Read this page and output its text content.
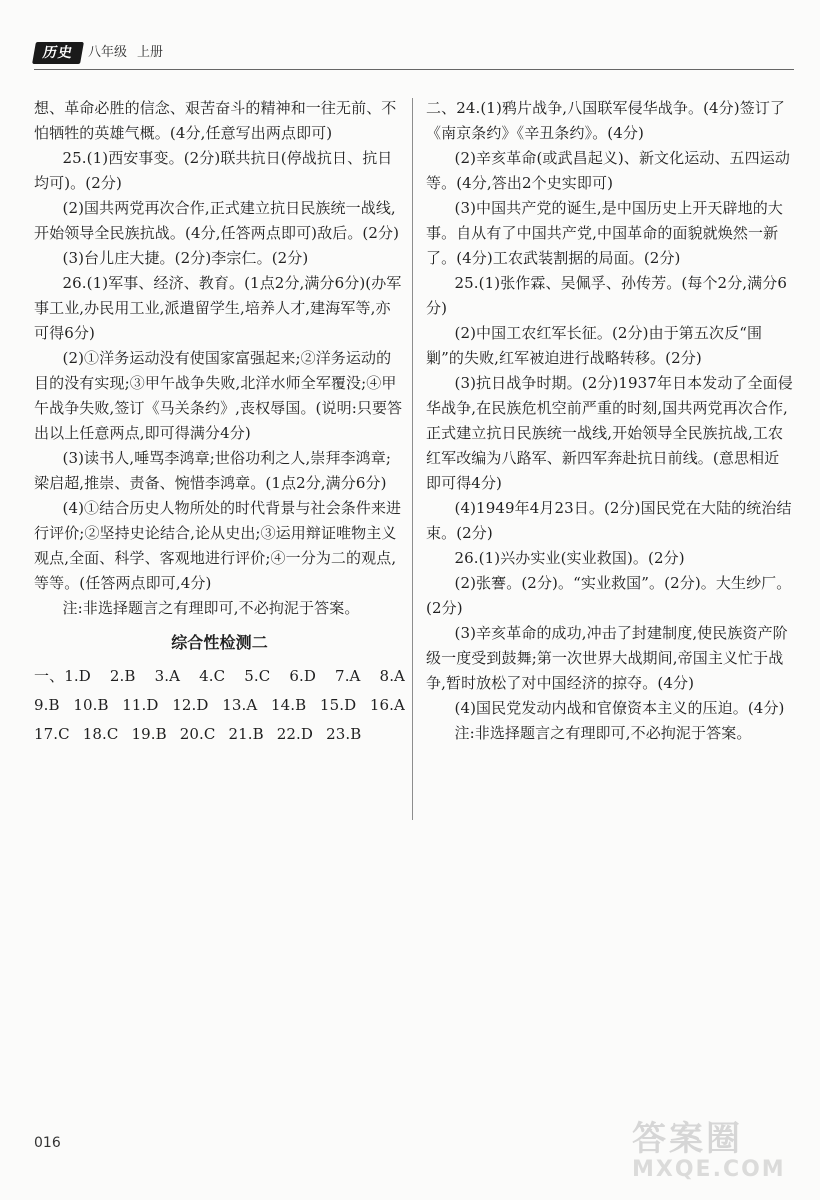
历史	八年级 上册

想、革命必胜的信念、艰苦奋斗的精神和一往无前、不怕牺牲的英雄气概。(4分,任意写出两点即可)

25.(1)西安事变。(2分)联共抗日(停战抗日、抗日均可)。(2分)

(2)国共两党再次合作,正式建立抗日民族统一战线,开始领导全民族抗战。(4分,任答两点即可)敌后。(2分)

(3)台儿庄大捷。(2分)李宗仁。(2分)

26.(1)军事、经济、教育。(1点2分,满分6分)(办军事工业,办民用工业,派遣留学生,培养人才,建海军等,亦可得6分)

(2)①洋务运动没有使国家富强起来;②洋务运动的目的没有实现;③甲午战争失败,北洋水师全军覆没;④甲午战争失败,签订《马关条约》,丧权辱国。(说明:只要答出以上任意两点,即可得满分4分)

(3)读书人,唾骂李鸿章;世俗功利之人,崇拜李鸿章;梁启超,推崇、责备、惋惜李鸿章。(1点2分,满分6分)

(4)①结合历史人物所处的时代背景与社会条件来进行评价;②坚持史论结合,论从史出;③运用辩证唯物主义观点,全面、科学、客观地进行评价;④一分为二的观点,等等。(任答两点即可,4分)

注:非选择题言之有理即可,不必拘泥于答案。

综合性检测二
一、1.D 2.B 3.A 4.C 5.C 6.D 7.A 8.A
9.B 10.B 11.D 12.D 13.A 14.B 15.D 16.A
17.C 18.C 19.B 20.C 21.B 22.D 23.B

二、24.(1)鸦片战争,八国联军侵华战争。(4分)签订了《南京条约》《辛丑条约》。(4分)

(2)辛亥革命(或武昌起义)、新文化运动、五四运动等。(4分,答出2个史实即可)

(3)中国共产党的诞生,是中国历史上开天辟地的大事。自从有了中国共产党,中国革命的面貌就焕然一新了。(4分)工农武装割据的局面。(2分)

25.(1)张作霖、吴佩孚、孙传芳。(每个2分,满分6分)

(2)中国工农红军长征。(2分)由于第五次反“围剿”的失败,红军被迫进行战略转移。(2分)

(3)抗日战争时期。(2分)1937年日本发动了全面侵华战争,在民族危机空前严重的时刻,国共两党再次合作,正式建立抗日民族统一战线,开始领导全民族抗战,工农红军改编为八路军、新四军奔赴抗日前线。(意思相近即可得4分)

(4)1949年4月23日。(2分)国民党在大陆的统治结束。(2分)

26.(1)兴办实业(实业救国)。(2分)

(2)张謇。(2分)。“实业救国”。(2分)。大生纱厂。(2分)

(3)辛亥革命的成功,冲击了封建制度,使民族资产阶级一度受到鼓舞;第一次世界大战期间,帝国主义忙于战争,暂时放松了对中国经济的掠夺。(4分)

(4)国民党发动内战和官僚资本主义的压迫。(4分)

注:非选择题言之有理即可,不必拘泥于答案。

016	答案圈
MXQE.COM
